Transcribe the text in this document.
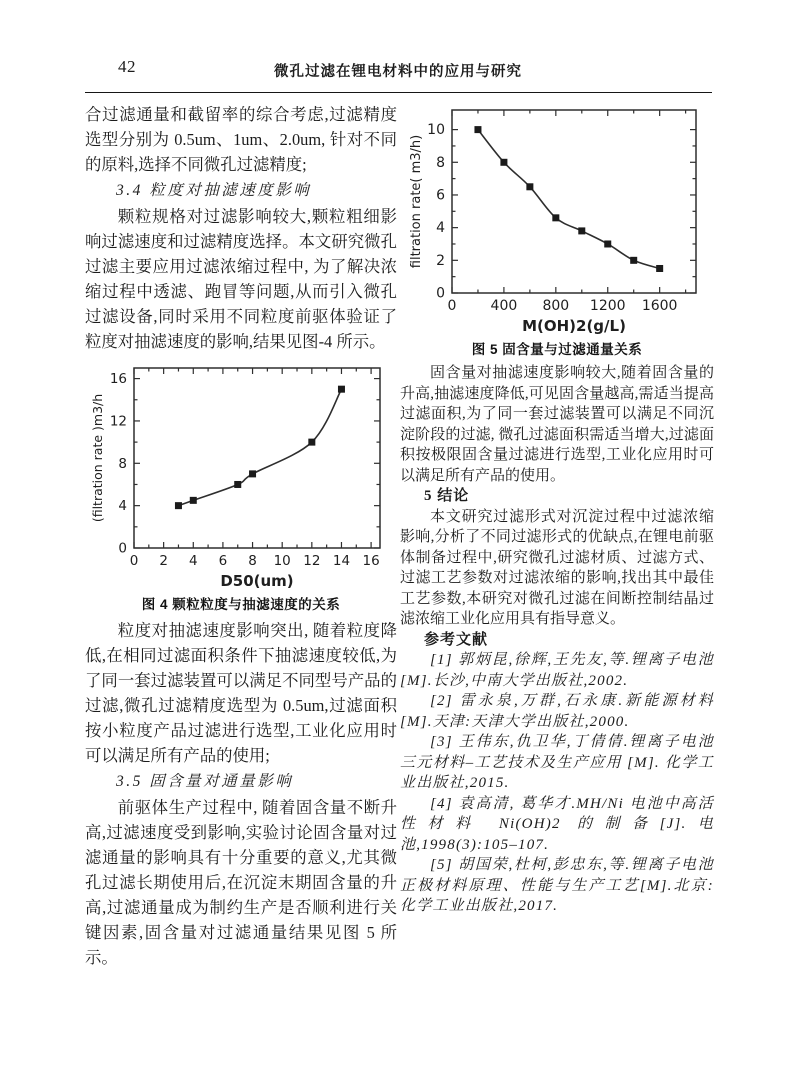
42	微孔过滤在锂电材料中的应用与研究

合过滤通量和截留率的综合考虑,过滤精度选型分别为 0.5um、1um、2.0um, 针对不同的原料,选择不同微孔过滤精度;

3.4 粒度对抽滤速度影响

颗粒规格对过滤影响较大,颗粒粗细影响过滤速度和过滤精度选择。本文研究微孔过滤主要应用过滤浓缩过程中, 为了解决浓缩过程中透滤、跑冒等问题,从而引入微孔过滤设备,同时采用不同粒度前驱体验证了粒度对抽滤速度的影响,结果见图-4 所示。

0 2 4 6 8 10 12 14 16
0
4
8
12
16
D50(um)
(filtration rate )m3/h
图 4 颗粒粒度与抽滤速度的关系

粒度对抽滤速度影响突出, 随着粒度降低,在相同过滤面积条件下抽滤速度较低,为了同一套过滤装置可以满足不同型号产品的过滤,微孔过滤精度选型为 0.5um,过滤面积按小粒度产品过滤进行选型,工业化应用时可以满足所有产品的使用;

3.5 固含量对通量影响

前驱体生产过程中, 随着固含量不断升高,过滤速度受到影响,实验讨论固含量对过滤通量的影响具有十分重要的意义,尤其微孔过滤长期使用后,在沉淀末期固含量的升高,过滤通量成为制约生产是否顺利进行关键因素,固含量对过滤通量结果见图 5 所示。

0 400 800 1200 1600
0
2
4
6
8
10
M(OH)2(g/L)
filtration rate( m3/h)
图 5 固含量与过滤通量关系

固含量对抽滤速度影响较大,随着固含量的升高,抽滤速度降低,可见固含量越高,需适当提高过滤面积,为了同一套过滤装置可以满足不同沉淀阶段的过滤, 微孔过滤面积需适当增大,过滤面积按极限固含量过滤进行选型,工业化应用时可以满足所有产品的使用。

5 结论

本文研究过滤形式对沉淀过程中过滤浓缩影响,分析了不同过滤形式的优缺点,在锂电前驱体制备过程中,研究微孔过滤材质、过滤方式、过滤工艺参数对过滤浓缩的影响,找出其中最佳工艺参数,本研究对微孔过滤在间断控制结晶过滤浓缩工业化应用具有指导意义。

参考文献

[1] 郭炳昆,徐辉,王先友,等.锂离子电池[M].长沙,中南大学出版社,2002.

[2] 雷永泉,万群,石永康.新能源材料[M].天津:天津大学出版社,2000.

[3] 王伟东,仇卫华,丁倩倩.锂离子电池三元材料–工艺技术及生产应用 [M]. 化学工业出版社,2015.

[4] 袁高清, 葛华才.MH/Ni 电池中高活性材料 Ni(OH)2 的制备[J].电池,1998(3):105–107.

[5] 胡国荣,杜柯,彭忠东,等.锂离子电池正极材料原理、性能与生产工艺[M].北京:化学工业出版社,2017.
